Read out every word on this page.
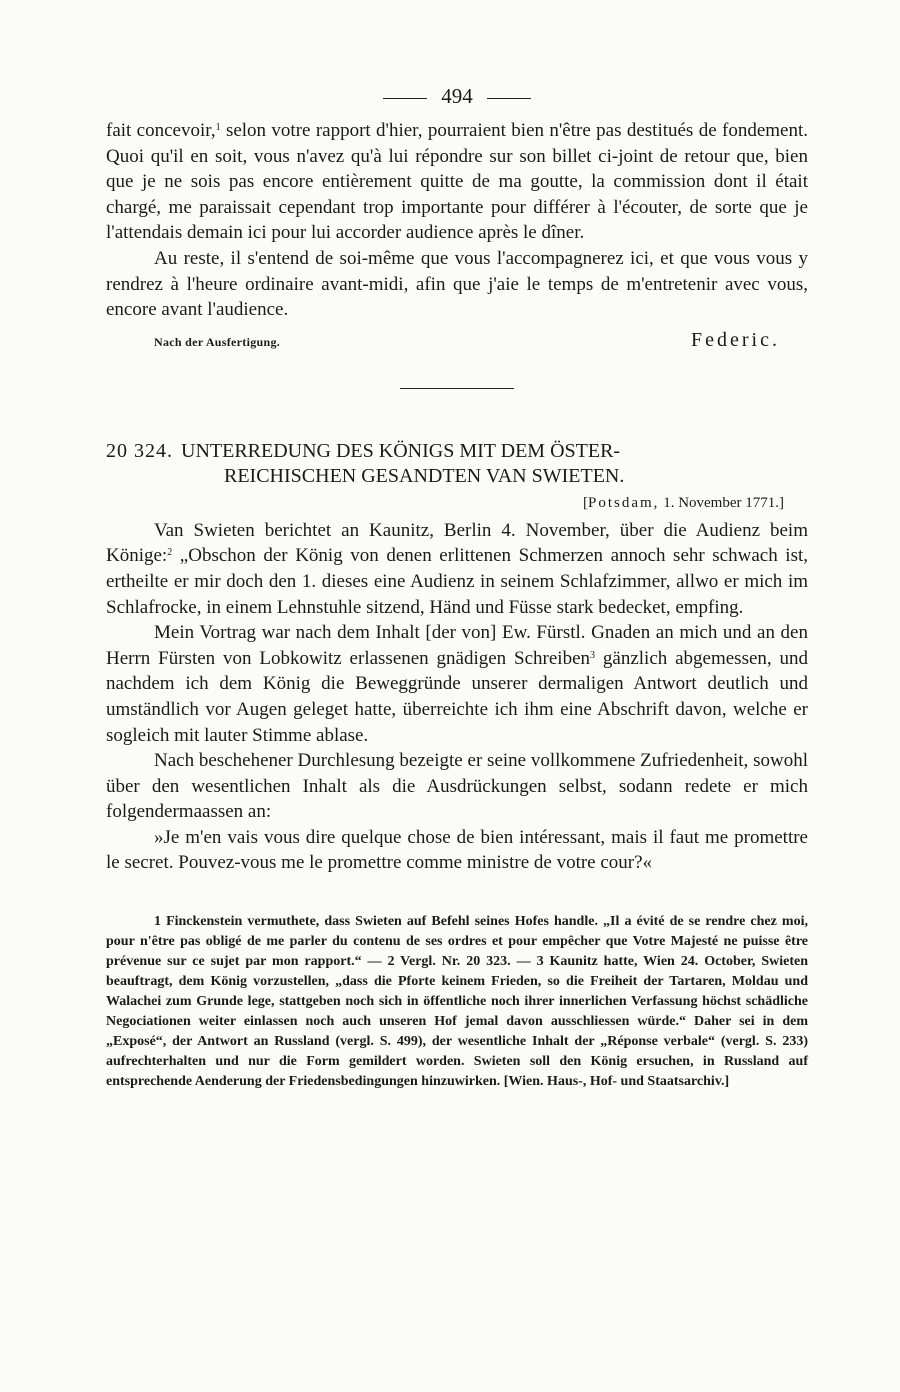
494

fait concevoir,$^1$ selon votre rapport d'hier, pourraient bien n'être pas destitués de fondement. Quoi qu'il en soit, vous n'avez qu'à lui répondre sur son billet ci-joint de retour que, bien que je ne sois pas encore entièrement quitte de ma goutte, la commission dont il était chargé, me paraissait cependant trop importante pour différer à l'écouter, de sorte que je l'attendais demain ici pour lui accorder audience après le dîner.

Au reste, il s'entend de soi-même que vous l'accompagnerez ici, et que vous vous y rendrez à l'heure ordinaire avant-midi, afin que j'aie le temps de m'entretenir avec vous, encore avant l'audience.

Nach der Ausfertigung.	Federic.
20 324. UNTERREDUNG DES KÖNIGS MIT DEM ÖSTER-
REICHISCHEN GESANDTEN VAN SWIETEN.
[Potsdam, 1. November 1771.]

Van Swieten berichtet an Kaunitz, Berlin 4. November, über die Audienz beim Könige:$^2$ „Obschon der König von denen erlittenen Schmerzen annoch sehr schwach ist, ertheilte er mir doch den 1. dieses eine Audienz in seinem Schlafzimmer, allwo er mich im Schlafrocke, in einem Lehnstuhle sitzend, Händ und Füsse stark bedecket, empfing.

Mein Vortrag war nach dem Inhalt [der von] Ew. Fürstl. Gnaden an mich und an den Herrn Fürsten von Lobkowitz erlassenen gnädigen Schreiben$^3$ gänzlich abgemessen, und nachdem ich dem König die Beweggründe unserer dermaligen Antwort deutlich und umständlich vor Augen geleget hatte, überreichte ich ihm eine Abschrift davon, welche er sogleich mit lauter Stimme ablase.

Nach beschehener Durchlesung bezeigte er seine vollkommene Zufriedenheit, sowohl über den wesentlichen Inhalt als die Ausdrückungen selbst, sodann redete er mich folgendermaassen an:

»Je m'en vais vous dire quelque chose de bien intéressant, mais il faut me promettre le secret. Pouvez-vous me le promettre comme ministre de votre cour?«

1 Finckenstein vermuthete, dass Swieten auf Befehl seines Hofes handle. „Il a évité de se rendre chez moi, pour n'être pas obligé de me parler du contenu de ses ordres et pour empêcher que Votre Majesté ne puisse être prévenue sur ce sujet par mon rapport.“ — 2 Vergl. Nr. 20 323. — 3 Kaunitz hatte, Wien 24. October, Swieten beauftragt, dem König vorzustellen, „dass die Pforte keinem Frieden, so die Freiheit der Tartaren, Moldau und Walachei zum Grunde lege, stattgeben noch sich in öffentliche noch ihrer innerlichen Verfassung höchst schädliche Negociationen weiter einlassen noch auch unseren Hof jemal davon ausschliessen würde.“ Daher sei in dem „Exposé“, der Antwort an Russland (vergl. S. 499), der wesentliche Inhalt der „Réponse verbale“ (vergl. S. 233) aufrechterhalten und nur die Form gemildert worden. Swieten soll den König ersuchen, in Russland auf entsprechende Aenderung der Friedensbedingungen hinzuwirken. [Wien. Haus-, Hof- und Staatsarchiv.]
